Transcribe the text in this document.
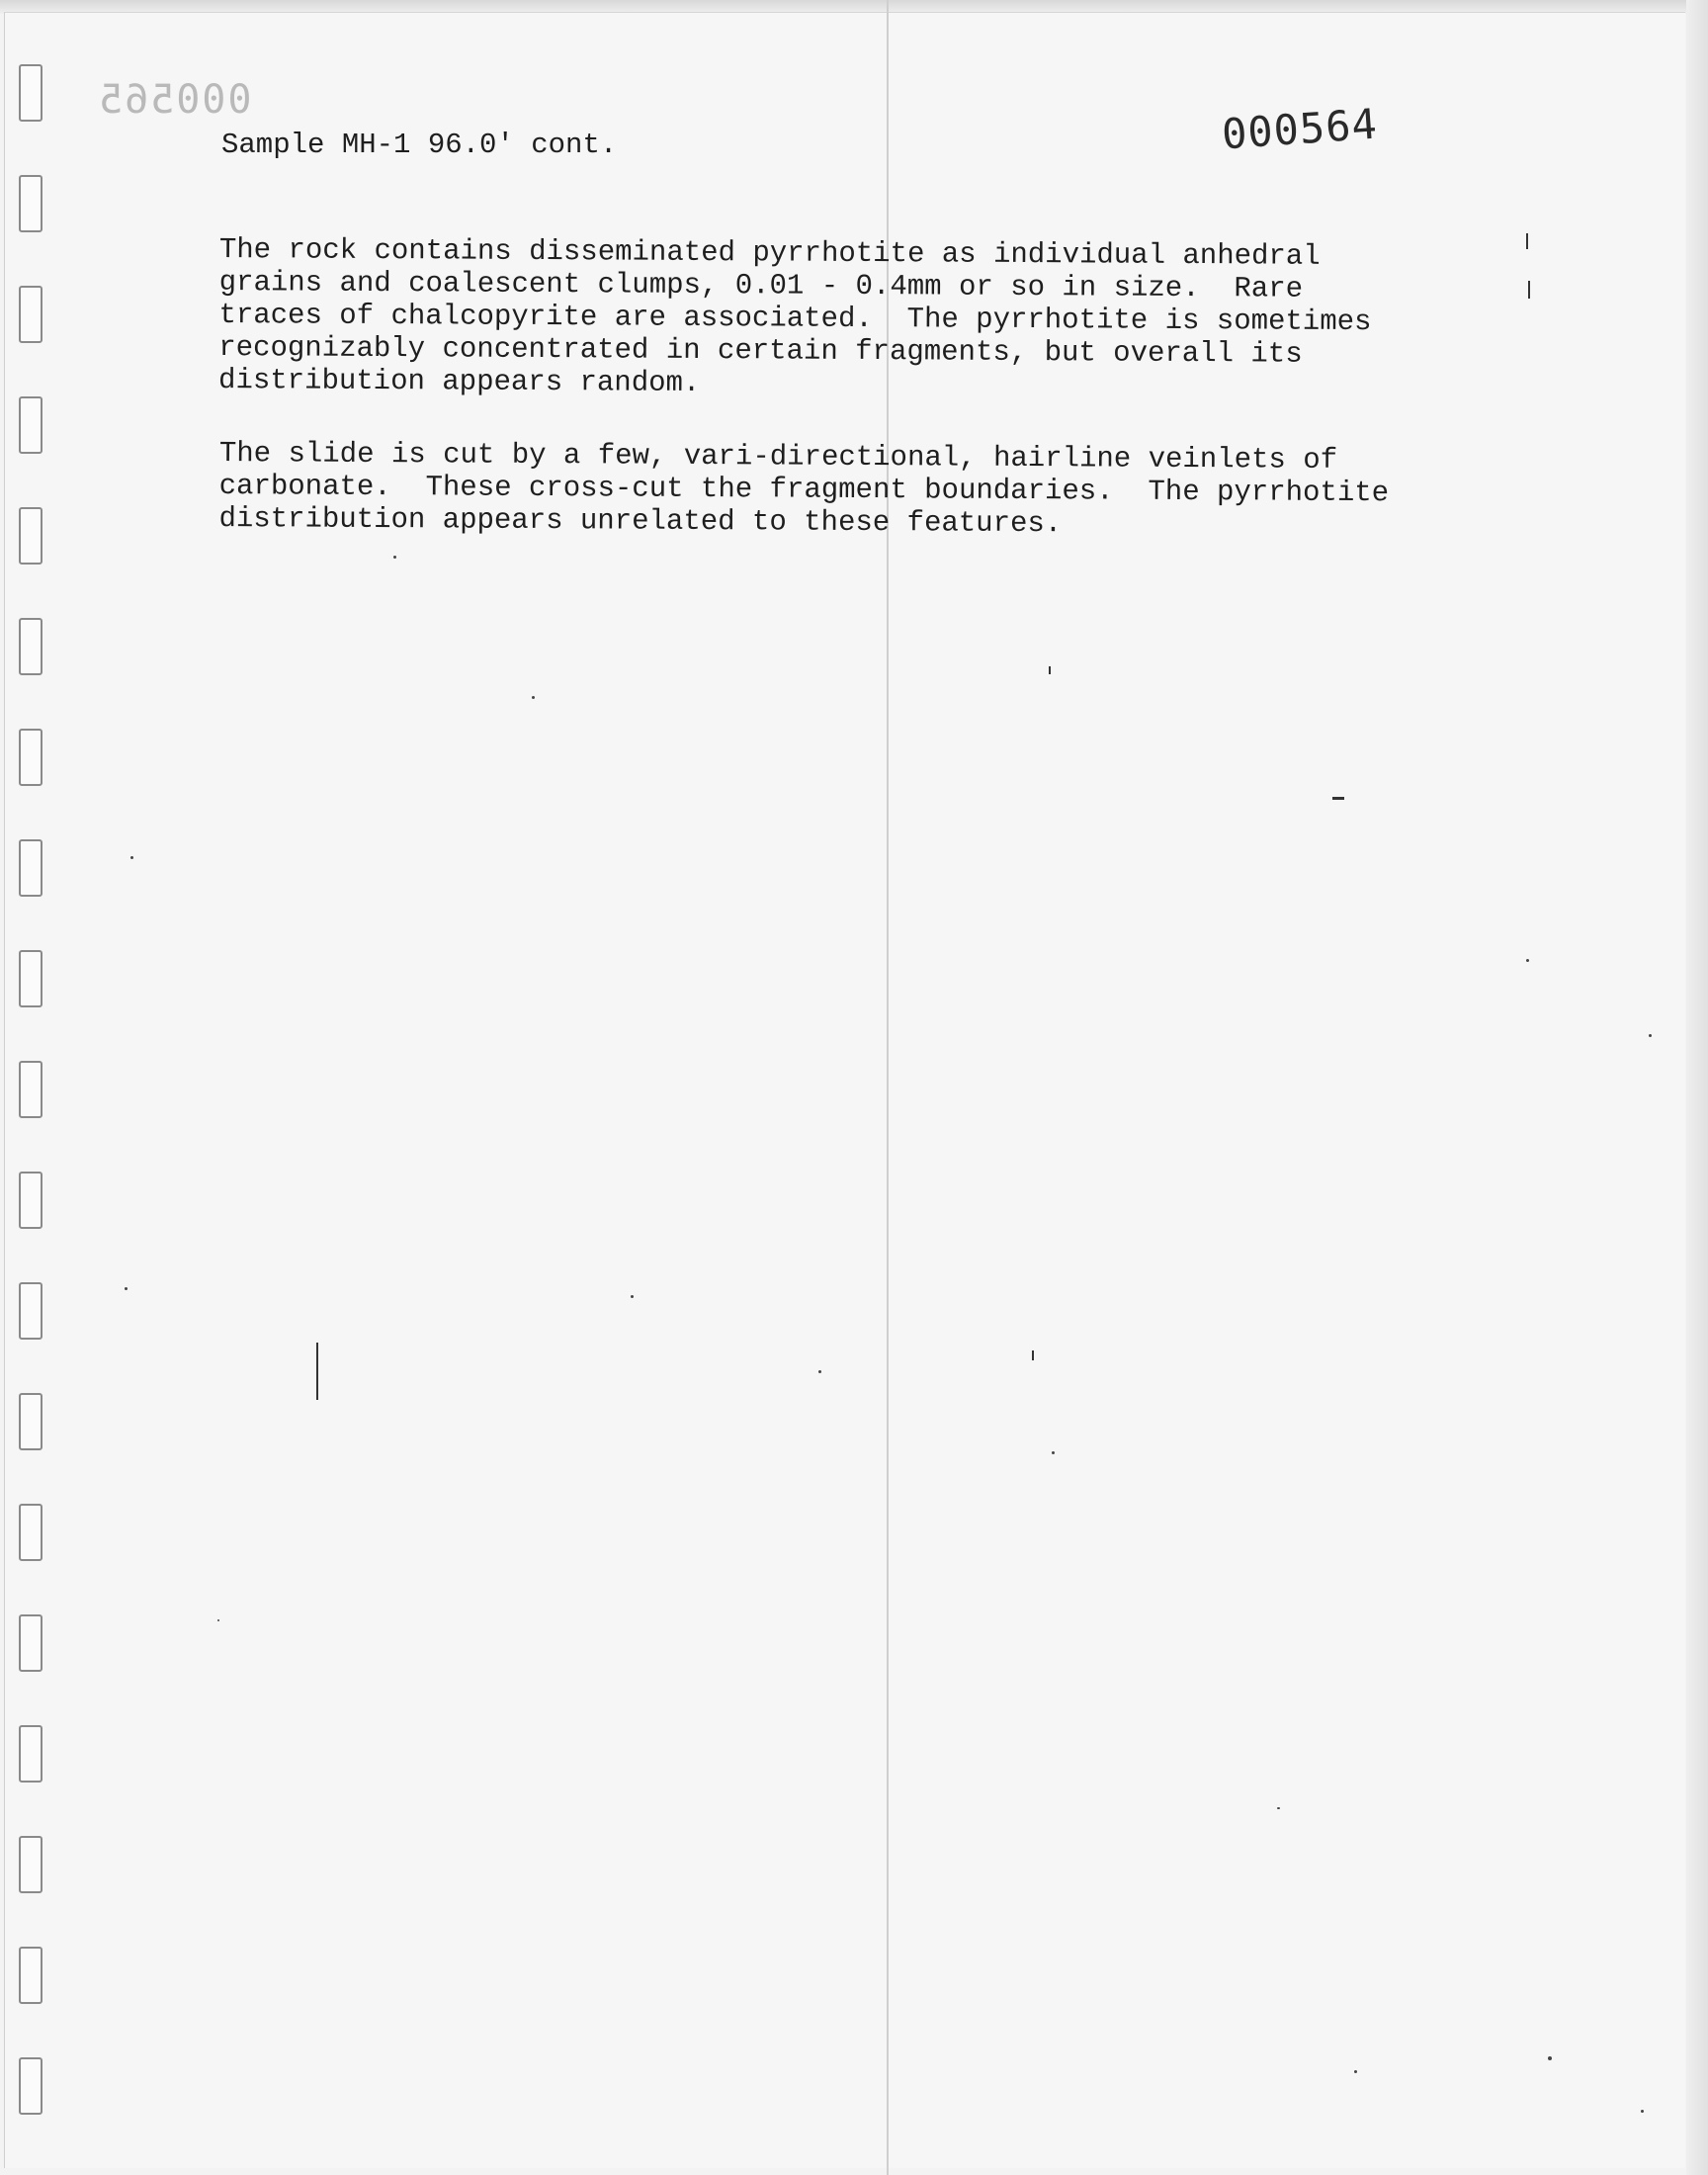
000565	000564
Sample MH-1 96.0' cont.
The rock contains disseminated pyrrhotite as individual anhedral
grains and coalescent clumps, 0.01 - 0.4mm or so in size.  Rare
traces of chalcopyrite are associated.  The pyrrhotite is sometimes
recognizably concentrated in certain fragments, but overall its
distribution appears random.
The slide is cut by a few, vari-directional, hairline veinlets of
carbonate.  These cross-cut the fragment boundaries.  The pyrrhotite
distribution appears unrelated to these features.
